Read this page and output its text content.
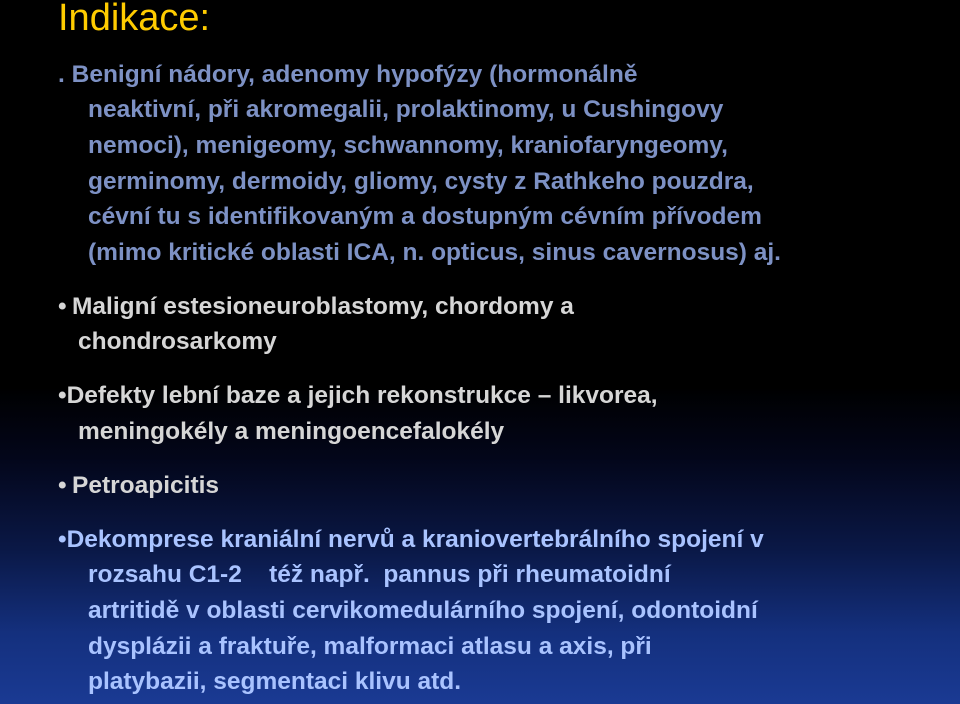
Indikace:
. Benigní nádory, adenomy hypofýzy (hormonálně
neaktivní, při akromegalii, prolaktinomy, u Cushingovy
nemoci), menigeomy, schwannomy, kraniofaryngeomy,
germinomy, dermoidy, gliomy, cysty z Rathkeho pouzdra,
cévní tu s identifikovaným a dostupným cévním přívodem
(mimo kritické oblasti ICA, n. opticus, sinus cavernosus) aj.
• Maligní estesioneuroblastomy, chordomy a
chondrosarkomy
•Defekty lební baze a jejich rekonstrukce – likvorea,
meningokély a meningoencefalokély
• Petroapicitis
•Dekomprese kraniální nervů a kraniovertebrálního spojení v
rozsahu C1-2    též např.  pannus při rheumatoidní
artritidě v oblasti cervikomedulárního spojení, odontoidní
dysplázii a fraktuře, malformaci atlasu a axis, při
platybazii, segmentaci klivu atd.
